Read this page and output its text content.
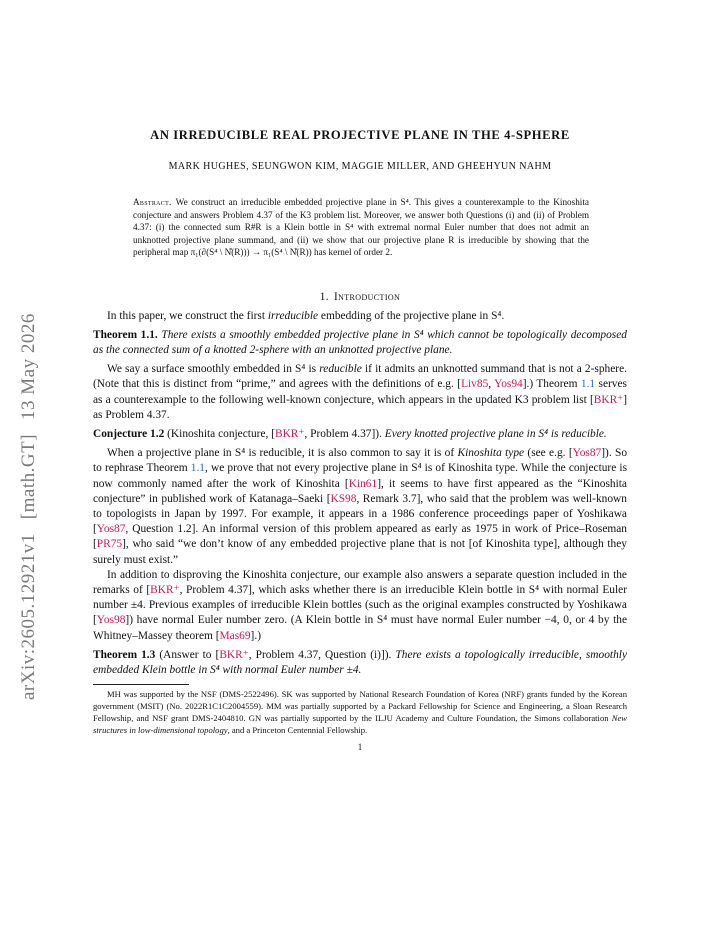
arXiv:2605.12921v1[math.GT]13 May 2026
AN IRREDUCIBLE REAL PROJECTIVE PLANE IN THE 4-SPHERE
MARK HUGHES, SEUNGWON KIM, MAGGIE MILLER, AND GHEEHYUN NAHM
Abstract. We construct an irreducible embedded projective plane in S⁴. This gives a counterexample to the Kinoshita conjecture and answers Problem 4.37 of the K3 problem list. Moreover, we answer both Questions (i) and (ii) of Problem 4.37: (i) the connected sum R#R is a Klein bottle in S⁴ with extremal normal Euler number that does not admit an unknotted projective plane summand, and (ii) we show that our projective plane R is irreducible by showing that the peripheral map π₁(∂(S⁴ \ N̊(R))) → π₁(S⁴ \ N̊(R)) has kernel of order 2.
1. Introduction

In this paper, we construct the first irreducible embedding of the projective plane in S⁴.

Theorem 1.1. There exists a smoothly embedded projective plane in S⁴ which cannot be topologically decomposed as the connected sum of a knotted 2-sphere with an unknotted projective plane.

We say a surface smoothly embedded in S⁴ is reducible if it admits an unknotted summand that is not a 2-sphere. (Note that this is distinct from “prime,” and agrees with the definitions of e.g. [Liv85, Yos94].) Theorem 1.1 serves as a counterexample to the following well-known conjecture, which appears in the updated K3 problem list [BKR⁺] as Problem 4.37.

Conjecture 1.2 (Kinoshita conjecture, [BKR⁺, Problem 4.37]). Every knotted projective plane in S⁴ is reducible.

When a projective plane in S⁴ is reducible, it is also common to say it is of Kinoshita type (see e.g. [Yos87]). So to rephrase Theorem 1.1, we prove that not every projective plane in S⁴ is of Kinoshita type. While the conjecture is now commonly named after the work of Kinoshita [Kin61], it seems to have first appeared as the “Kinoshita conjecture” in published work of Katanaga–Saeki [KS98, Remark 3.7], who said that the problem was well-known to topologists in Japan by 1997. For example, it appears in a 1986 conference proceedings paper of Yoshikawa [Yos87, Question 1.2]. An informal version of this problem appeared as early as 1975 in work of Price–Roseman [PR75], who said “we don’t know of any embedded projective plane that is not [of Kinoshita type], although they surely must exist.”

In addition to disproving the Kinoshita conjecture, our example also answers a separate question included in the remarks of [BKR⁺, Problem 4.37], which asks whether there is an irreducible Klein bottle in S⁴ with normal Euler number ±4. Previous examples of irreducible Klein bottles (such as the original examples constructed by Yoshikawa [Yos98]) have normal Euler number zero. (A Klein bottle in S⁴ must have normal Euler number −4, 0, or 4 by the Whitney–Massey theorem [Mas69].)

Theorem 1.3 (Answer to [BKR⁺, Problem 4.37, Question (i)]). There exists a topologically irreducible, smoothly embedded Klein bottle in S⁴ with normal Euler number ±4.

MH was supported by the NSF (DMS-2522496). SK was supported by National Research Foundation of Korea (NRF) grants funded by the Korean government (MSIT) (No. 2022R1C1C2004559). MM was partially supported by a Packard Fellowship for Science and Engineering, a Sloan Research Fellowship, and NSF grant DMS-2404810. GN was partially supported by the ILJU Academy and Culture Foundation, the Simons collaboration New structures in low-dimensional topology, and a Princeton Centennial Fellowship.
1
